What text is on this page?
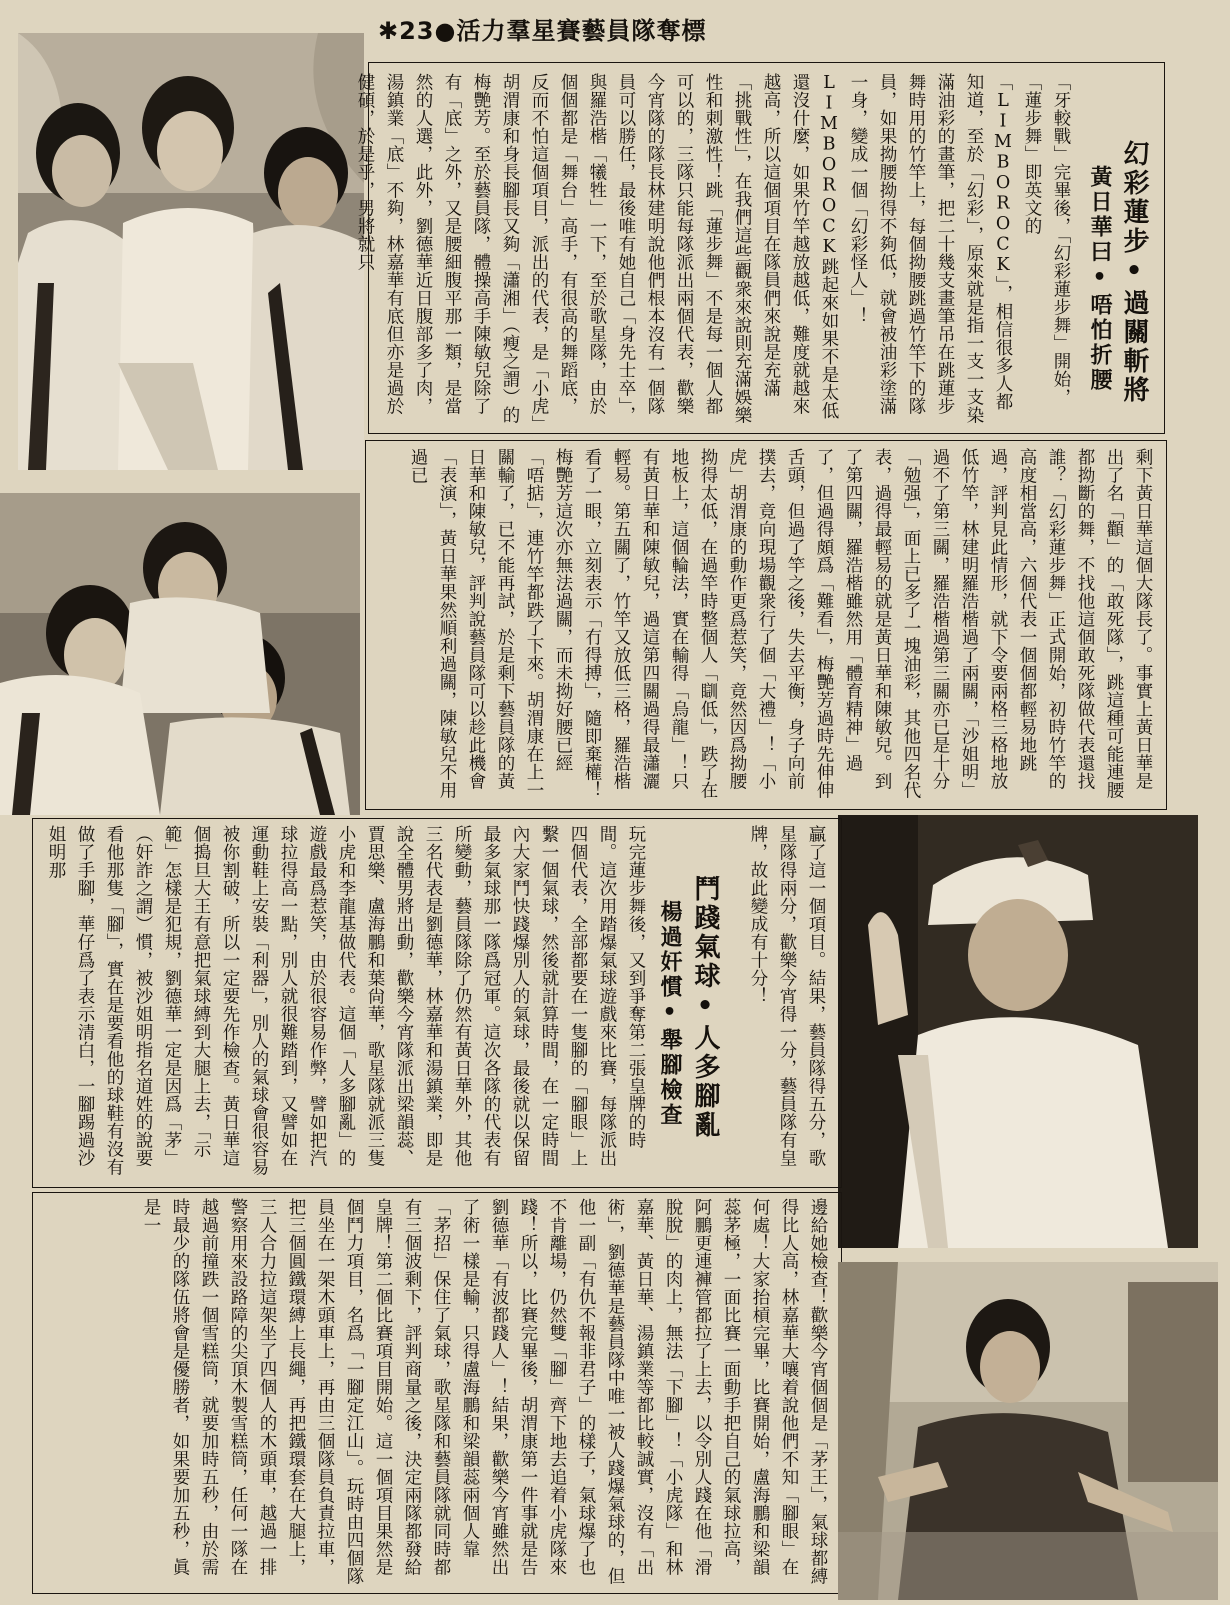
✱23●活力羣星賽藝員隊奪標
幻彩蓮步•過關斬將
黃日華曰•唔怕折腰
「牙較戰」完畢後，「幻彩蓮步舞」開始，「蓮步舞」即英文的「LIMBOROCK」，相信很多人都知道，至於「幻彩」，原來就是指一支一支染滿油彩的畫筆，把二十幾支畫筆吊在跳蓮步舞時用的竹竿上，每個拗腰跳過竹竿下的隊員，如果拗腰拗得不夠低，就會被油彩塗滿一身，變成一個「幻彩怪人」！LIMBOROCK跳起來如果不是太低還沒什麼，如果竹竿越放越低，難度就越來越高，所以這個項目在隊員們來說是充滿「挑戰性」，在我們這些觀衆來說則充滿娛樂性和刺激性！跳「蓮步舞」不是每一個人都可以的，三隊只能每隊派出兩個代表，歡樂今宵隊的隊長林建明說他們根本沒有一個隊員可以勝任，最後唯有她自己「身先士卒」，與羅浩楷「犧牲」一下，至於歌星隊，由於個個都是「舞台」高手，有很高的舞蹈底，反而不怕這個項目，派出的代表，是「小虎」胡渭康和身長腳長又夠「瀟湘」（瘦之謂）的梅艷芳。至於藝員隊，體操高手陳敏兒除了有「底」之外，又是腰細腹平那一類，是當然的人選，此外，劉德華近日腹部多了肉，湯鎮業「底」不夠，林嘉華有底但亦是過於健碩，於是乎，男將就只
剩下黃日華這個大隊長了。事實上黃日華是出了名「顴」的「敢死隊」，跳這種可能連腰都拗斷的舞，不找他這個敢死隊做代表還找誰？「幻彩蓮步舞」正式開始，初時竹竿的高度相當高，六個代表一個個都輕易地跳過，評判見此情形，就下令要兩格三格地放低竹竿，林建明羅浩楷過了兩關，「沙姐明」過不了第三關，羅浩楷過第三關亦已是十分「勉强」，面上已多了一塊油彩，其他四名代表，過得最輕易的就是黃日華和陳敏兒。到了第四關，羅浩楷雖然用「體育精神」過了，但過得頗爲「難看」，梅艷芳過時先伸伸舌頭，但過了竿之後，失去平衡，身子向前撲去，竟向現場觀衆行了個「大禮」！「小虎」胡渭康的動作更爲惹笑，竟然因爲拗腰拗得太低，在過竿時整個人「瞓低」，跌了在地板上，這個輪法，實在輸得「烏龍」！只有黃日華和陳敏兒，過這第四關過得最瀟灑輕易。第五關了，竹竿又放低三格，羅浩楷看了一眼，立刻表示「冇得搏」，隨即棄權！梅艷芳這次亦無法過關，而未拗好腰已經「唔掂」，連竹竿都跌了下來。胡渭康在上一關輸了，已不能再試，於是剩下藝員隊的黃日華和陳敏兒，評判說藝員隊可以趁此機會「表演」，黃日華果然順利過關，陳敏兒不用過已
贏了這一個項目。結果，藝員隊得五分，歌星隊得兩分，歡樂今宵得一分，藝員隊有皇牌，故此變成有十分！
鬥踐氣球•人多腳亂
楊過奸慣•舉腳檢查
玩完蓮步舞後，又到爭奪第二張皇牌的時間。這次用踏爆氣球遊戲來比賽，每隊派出四個代表，全部都要在一隻腳的「腳眼」上繫一個氣球，然後就計算時間，在一定時間內大家鬥快踐爆別人的氣球，最後就以保留最多氣球那一隊爲冠軍。這次各隊的代表有所變動，藝員隊除了仍然有黃日華外，其他三名代表是劉德華，林嘉華和湯鎮業，即是說全體男將出動，歡樂今宵隊派出梁韻蕊、賈思樂、盧海鵬和葉尙華，歌星隊就派三隻小虎和李龍基做代表。這個「人多腳亂」的遊戲最爲惹笑，由於很容易作弊，譬如把汽球拉得高一點，別人就很難踏到，又譬如在運動鞋上安裝「利器」，別人的氣球會很容易被你割破，所以一定要先作檢查。黃日華這個搗旦大王有意把氣球縛到大腿上去，「示範」怎樣是犯規，劉德華一定是因爲「茅」（奸詐之謂）慣，被沙姐明指名道姓的說要看他那隻「腳」，實在是要看他的球鞋有沒有做了手腳，華仔爲了表示清白，一腳踢過沙姐明那
邊給她檢查！歡樂今宵個個是「茅王」，氣球都縛得比人高，林嘉華大嚷着說他們不知「腳眼」在何處！大家抬槓完畢，比賽開始，盧海鵬和梁韻蕊茅極，一面比賽一面動手把自己的氣球拉高，阿鵬更連褲管都拉了上去，以令別人踐在他「滑脫脫」的肉上，無法「下腳」！「小虎隊」和林嘉華、黃日華、湯鎮業等都比較誠實，沒有「出術」，劉德華是藝員隊中唯一被人踐爆氣球的，但他一副「有仇不報非君子」的樣子，氣球爆了也不肯離場，仍然雙「腳」齊下地去追着小虎隊來踐！所以，比賽完畢後，胡渭康第一件事就是告劉德華「有波都踐人」！結果，歡樂今宵雖然出了術一樣是輸，只得盧海鵬和梁韻蕊兩個人靠「茅招」保住了氣球，歌星隊和藝員隊就同時都有三個波剩下，評判商量之後，決定兩隊都發給皇牌！第二個比賽項目開始。這一個項目果然是個鬥力項目，名爲「一腳定江山」。玩時由四個隊員坐在一架木頭車上，再由三個隊員負責拉車，把三個圓鐵環縛上長繩，再把鐵環套在大腿上，三人合力拉這架坐了四個人的木頭車，越過一排警察用來設路障的尖頂木製雪糕筒，任何一隊在越過前撞跌一個雪糕筒，就要加時五秒，由於需時最少的隊伍將會是優勝者，如果要加五秒，眞是一
